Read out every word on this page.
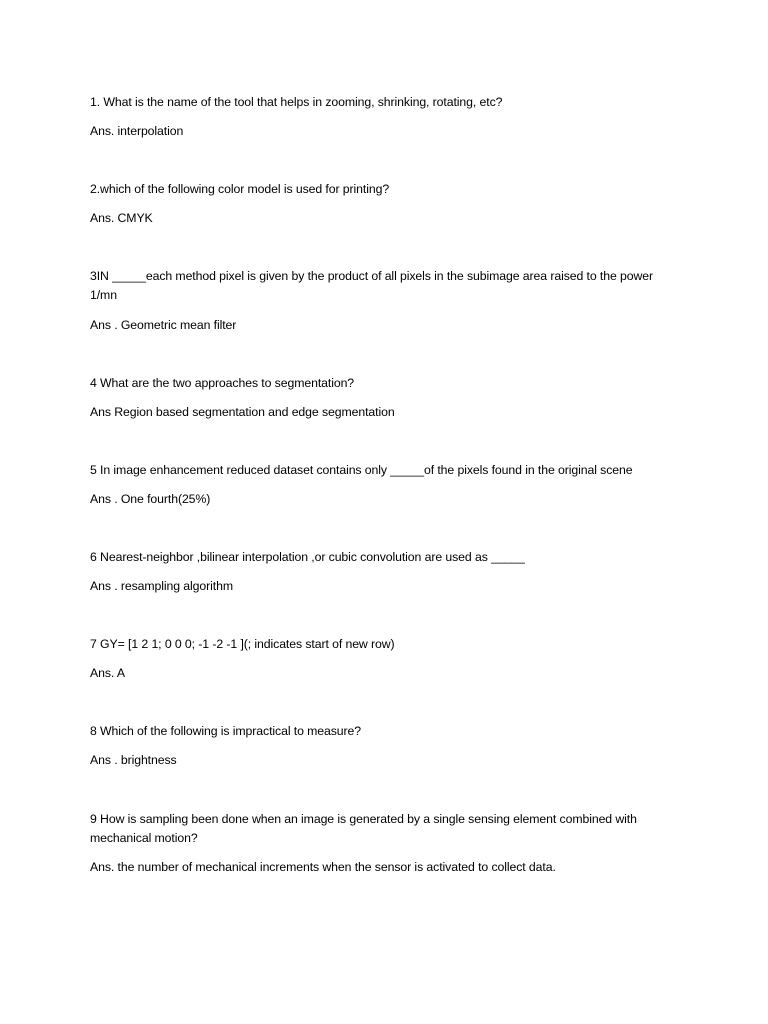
1. What is the name of the tool that helps in zooming, shrinking, rotating, etc?
Ans. interpolation
2.which of the following color model is used for printing?
Ans. CMYK
3IN _____each method pixel is given by the product of all pixels in the subimage area raised to the power 1/mn
Ans . Geometric mean filter
4 What are the two approaches to segmentation?
Ans Region based segmentation and edge segmentation
5 In image enhancement reduced dataset contains only _____of the pixels found in the original scene
Ans . One fourth(25%)
6 Nearest-neighbor ,bilinear interpolation ,or cubic convolution are used as _____
Ans . resampling algorithm
7 GY= [1 2 1; 0 0 0; -1 -2 -1 ](; indicates start of new row)
Ans. A
8 Which of the following is impractical to measure?
Ans . brightness
9 How is sampling been done when an image is generated by a single sensing element combined with mechanical motion?
Ans. the number of mechanical increments when the sensor is activated to collect data.
